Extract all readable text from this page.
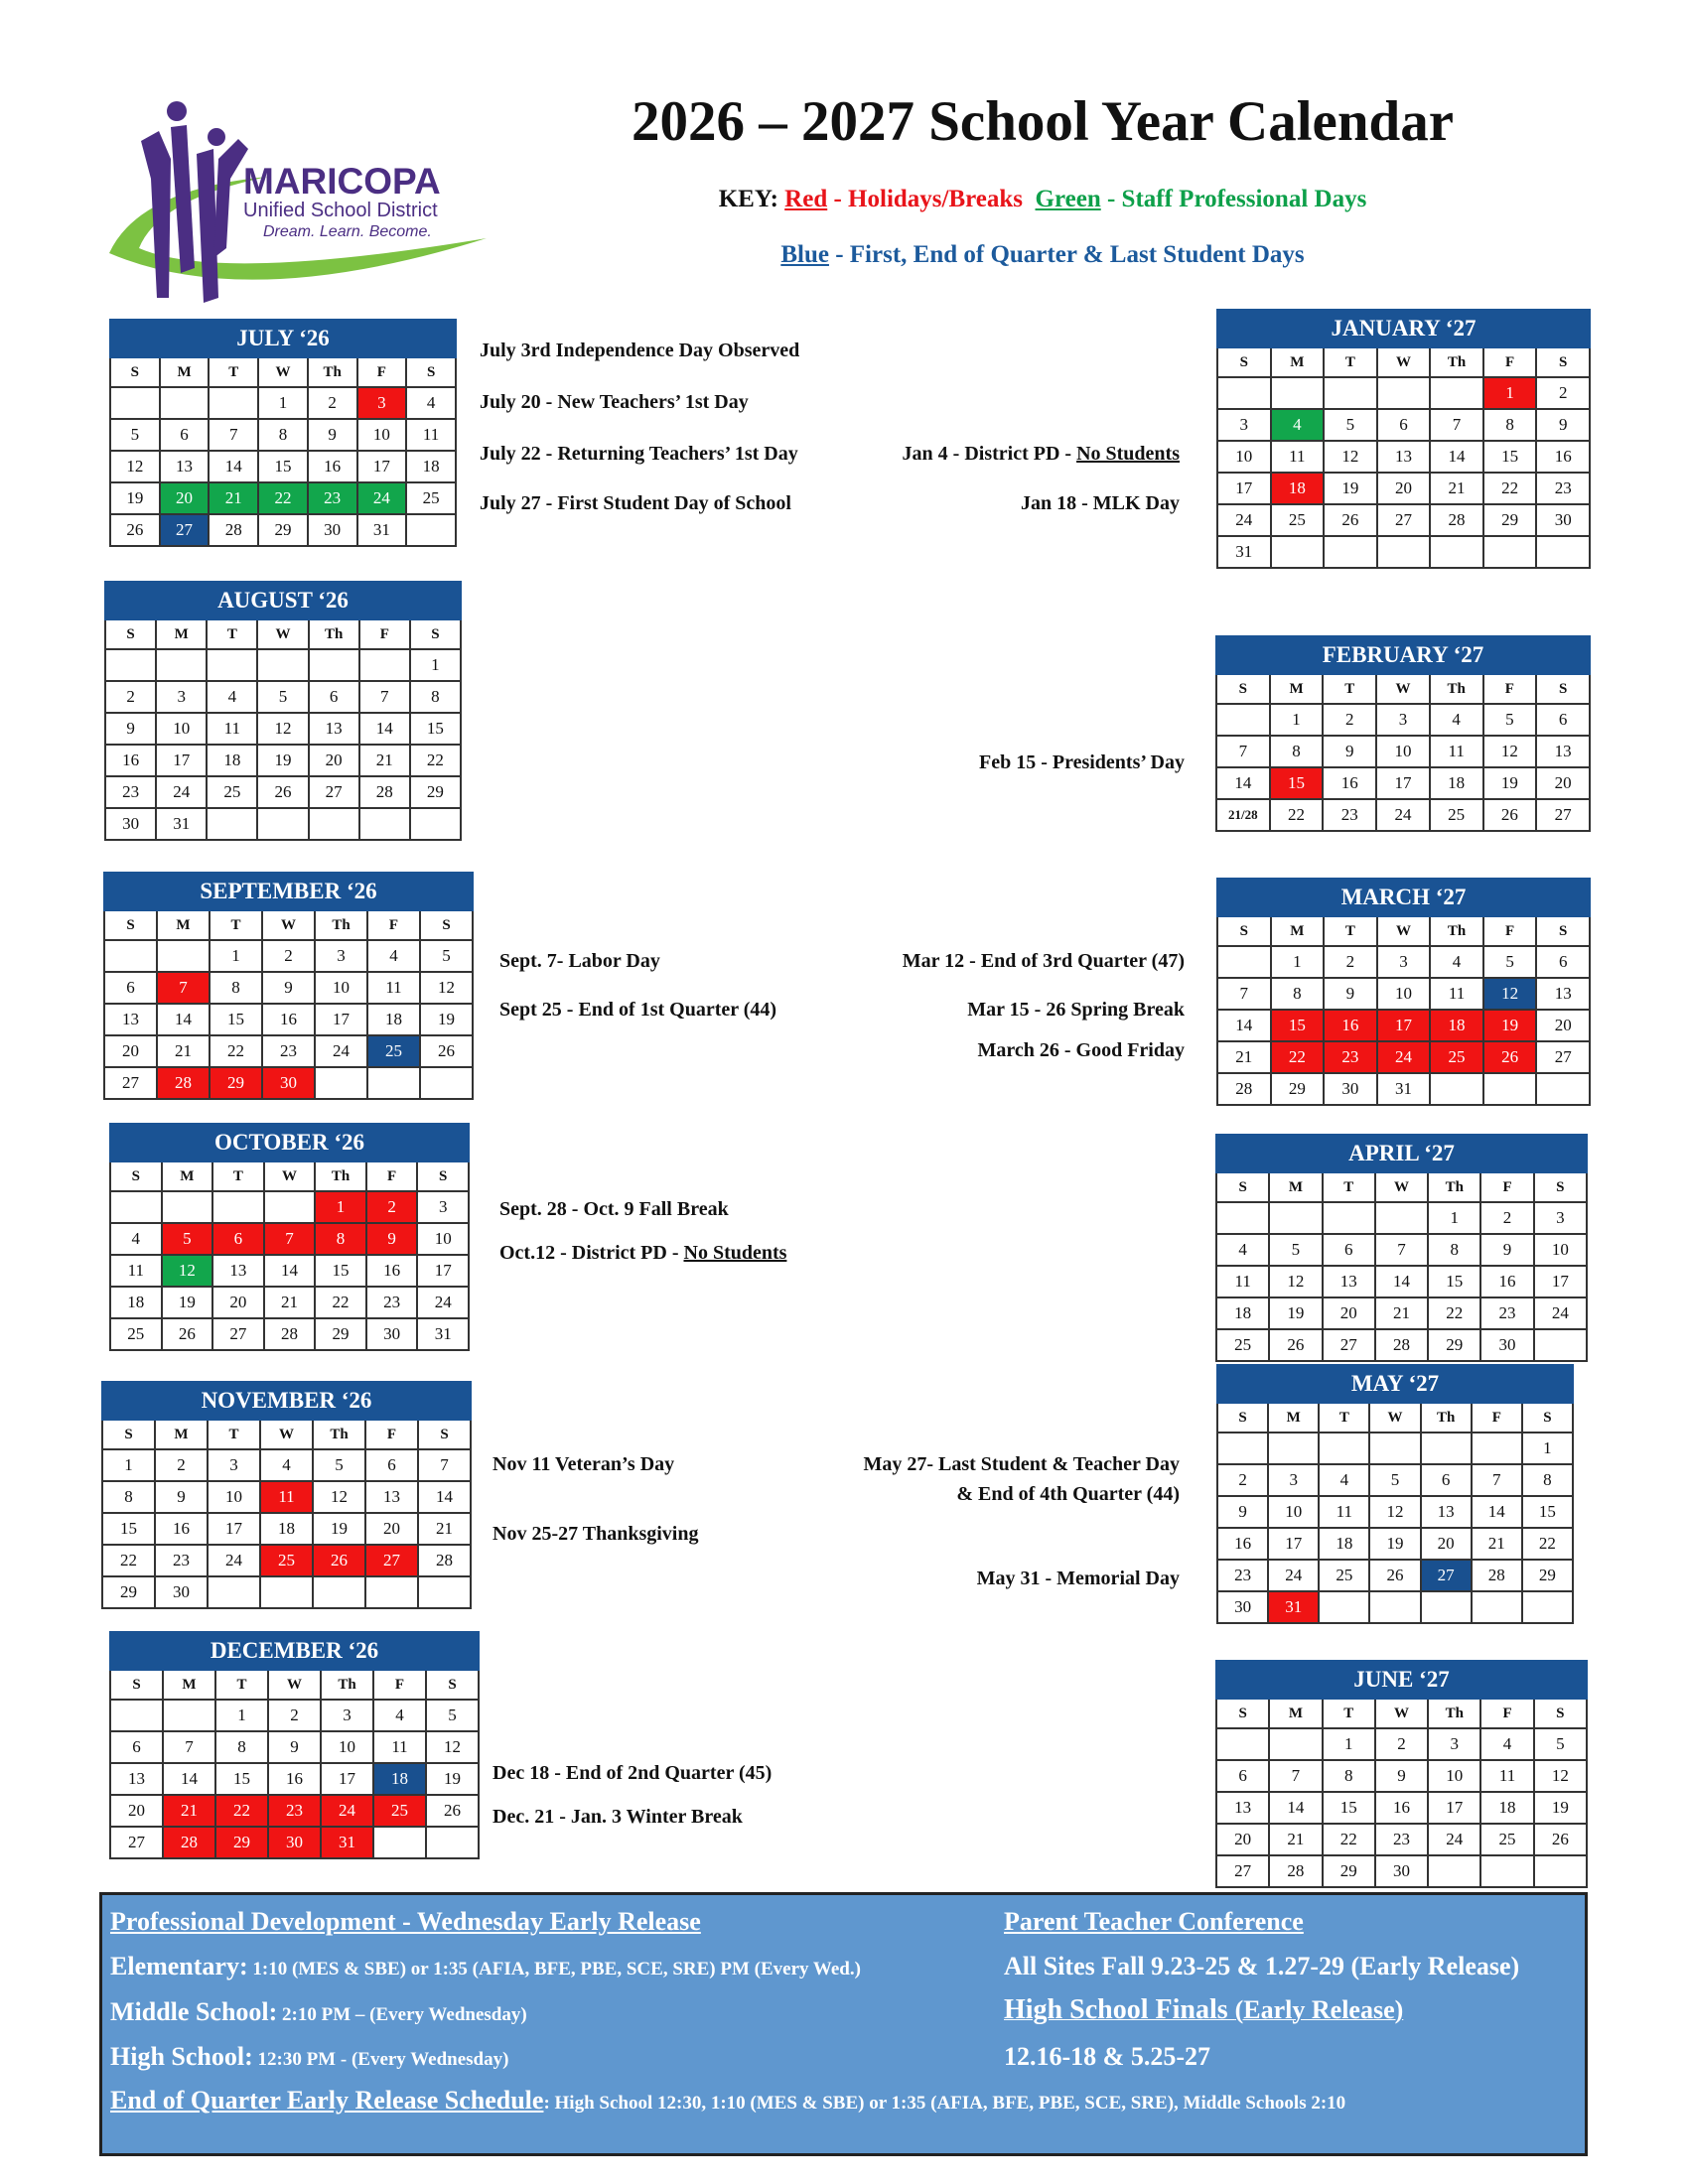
MARICOPA
Unified School District
Dream. Learn. Become.
2026 – 2027 School Year Calendar
KEY: Red - Holidays/Breaks Green - Staff Professional Days
Blue - First, End of Quarter & Last Student Days
JULY ‘26						
S	M	T	W	Th	F	S
			1	2	3	4
5	6	7	8	9	10	11
12	13	14	15	16	17	18
19	20	21	22	23	24	25
26	27	28	29	30	31	
AUGUST ‘26						
S	M	T	W	Th	F	S
						1
2	3	4	5	6	7	8
9	10	11	12	13	14	15
16	17	18	19	20	21	22
23	24	25	26	27	28	29
30	31					
SEPTEMBER ‘26						
S	M	T	W	Th	F	S
		1	2	3	4	5
6	7	8	9	10	11	12
13	14	15	16	17	18	19
20	21	22	23	24	25	26
27	28	29	30			
OCTOBER ‘26						
S	M	T	W	Th	F	S
				1	2	3
4	5	6	7	8	9	10
11	12	13	14	15	16	17
18	19	20	21	22	23	24
25	26	27	28	29	30	31
NOVEMBER ‘26						
S	M	T	W	Th	F	S
1	2	3	4	5	6	7
8	9	10	11	12	13	14
15	16	17	18	19	20	21
22	23	24	25	26	27	28
29	30					
DECEMBER ‘26						
S	M	T	W	Th	F	S
		1	2	3	4	5
6	7	8	9	10	11	12
13	14	15	16	17	18	19
20	21	22	23	24	25	26
27	28	29	30	31		
JANUARY ‘27						
S	M	T	W	Th	F	S
					1	2
3	4	5	6	7	8	9
10	11	12	13	14	15	16
17	18	19	20	21	22	23
24	25	26	27	28	29	30
31						
FEBRUARY ‘27						
S	M	T	W	Th	F	S
	1	2	3	4	5	6
7	8	9	10	11	12	13
14	15	16	17	18	19	20
21/28	22	23	24	25	26	27
MARCH ‘27						
S	M	T	W	Th	F	S
	1	2	3	4	5	6
7	8	9	10	11	12	13
14	15	16	17	18	19	20
21	22	23	24	25	26	27
28	29	30	31			
APRIL ‘27						
S	M	T	W	Th	F	S
				1	2	3
4	5	6	7	8	9	10
11	12	13	14	15	16	17
18	19	20	21	22	23	24
25	26	27	28	29	30	
MAY ‘27						
S	M	T	W	Th	F	S
						1
2	3	4	5	6	7	8
9	10	11	12	13	14	15
16	17	18	19	20	21	22
23	24	25	26	27	28	29
30	31					
JUNE ‘27						
S	M	T	W	Th	F	S
		1	2	3	4	5
6	7	8	9	10	11	12
13	14	15	16	17	18	19
20	21	22	23	24	25	26
27	28	29	30			
July 3rd Independence Day Observed
July 20 - New Teachers’ 1st Day
July 22 - Returning Teachers’ 1st Day
July 27 - First Student Day of School
Sept. 7- Labor Day
Sept 25 - End of 1st Quarter (44)
Sept. 28 - Oct. 9 Fall Break
Oct.12 - District PD - No Students
Nov 11 Veteran’s Day
Nov 25-27 Thanksgiving
Dec 18 - End of 2nd Quarter (45)
Dec. 21 - Jan. 3 Winter Break
Jan 4 - District PD - No Students
Jan 18 - MLK Day
Feb 15 - Presidents’ Day
Mar 12 - End of 3rd Quarter (47)
Mar 15 - 26 Spring Break
March 26 - Good Friday
May 27- Last Student & Teacher Day
& End of 4th Quarter (44)
May 31 - Memorial Day
Professional Development - Wednesday Early Release
Elementary: 1:10 (MES & SBE) or 1:35 (AFIA, BFE, PBE, SCE, SRE) PM (Every Wed.)
Middle School: 2:10 PM – (Every Wednesday)
High School: 12:30 PM - (Every Wednesday)
End of Quarter Early Release Schedule: High School 12:30, 1:10 (MES & SBE) or 1:35 (AFIA, BFE, PBE, SCE, SRE), Middle Schools 2:10
Parent Teacher Conference
All Sites Fall 9.23-25 & 1.27-29 (Early Release)
High School Finals (Early Release)
12.16-18 & 5.25-27
